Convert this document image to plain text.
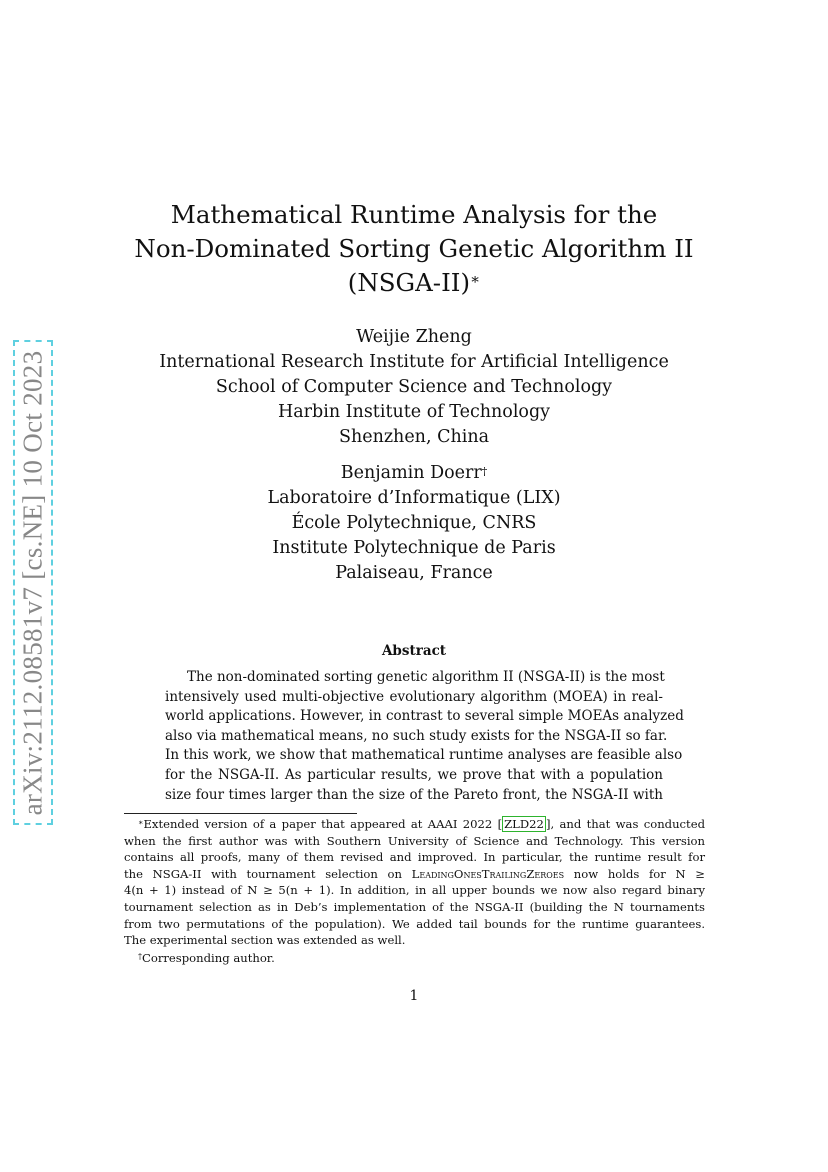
arXiv:2112.08581v7 [cs.NE] 10 Oct 2023
Mathematical Runtime Analysis for the
Non-Dominated Sorting Genetic Algorithm II
(NSGA-II)∗
Weijie Zheng
International Research Institute for Artificial Intelligence
School of Computer Science and Technology
Harbin Institute of Technology
Shenzhen, China
Benjamin Doerr†
Laboratoire d’Informatique (LIX)
École Polytechnique, CNRS
Institute Polytechnique de Paris
Palaiseau, France
Abstract

The non-dominated sorting genetic algorithm II (NSGA-II) is the most
intensively used multi-objective evolutionary algorithm (MOEA) in real-
world applications. However, in contrast to several simple MOEAs analyzed
also via mathematical means, no such study exists for the NSGA-II so far.
In this work, we show that mathematical runtime analyses are feasible also
for the NSGA-II. As particular results, we prove that with a population
size four times larger than the size of the Pareto front, the NSGA-II with

∗Extended version of a paper that appeared at AAAI 2022 [ ZLD22 ], and that was conducted
when the first author was with Southern University of Science and Technology. This version
contains all proofs, many of them revised and improved. In particular, the runtime result for
the NSGA-II with tournament selection on LeadingOnesTrailingZeroes now holds for N ≥
4(n + 1) instead of N ≥ 5(n + 1). In addition, in all upper bounds we now also regard binary
tournament selection as in Deb’s implementation of the NSGA-II (building the N tournaments
from two permutations of the population). We added tail bounds for the runtime guarantees.
The experimental section was extended as well.
†Corresponding author.
1
